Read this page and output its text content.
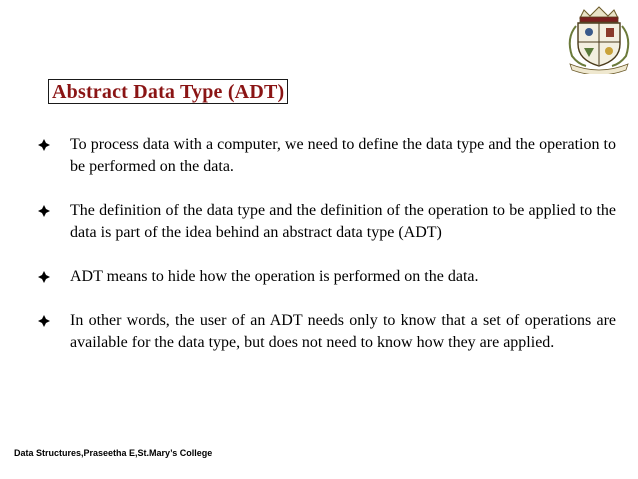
Abstract Data Type (ADT)
To process data with a computer, we need to define the data type and the operation to be performed on the data.
The definition of the data type and the definition of the operation to be applied to the data is part of the idea behind an abstract data type (ADT)
ADT means to hide how the operation is performed on the data.
In other words, the user of an ADT needs only to know that a set of operations are available for the data type, but does not need to know how they are applied.
Data Structures,Praseetha E,St.Mary’s College
